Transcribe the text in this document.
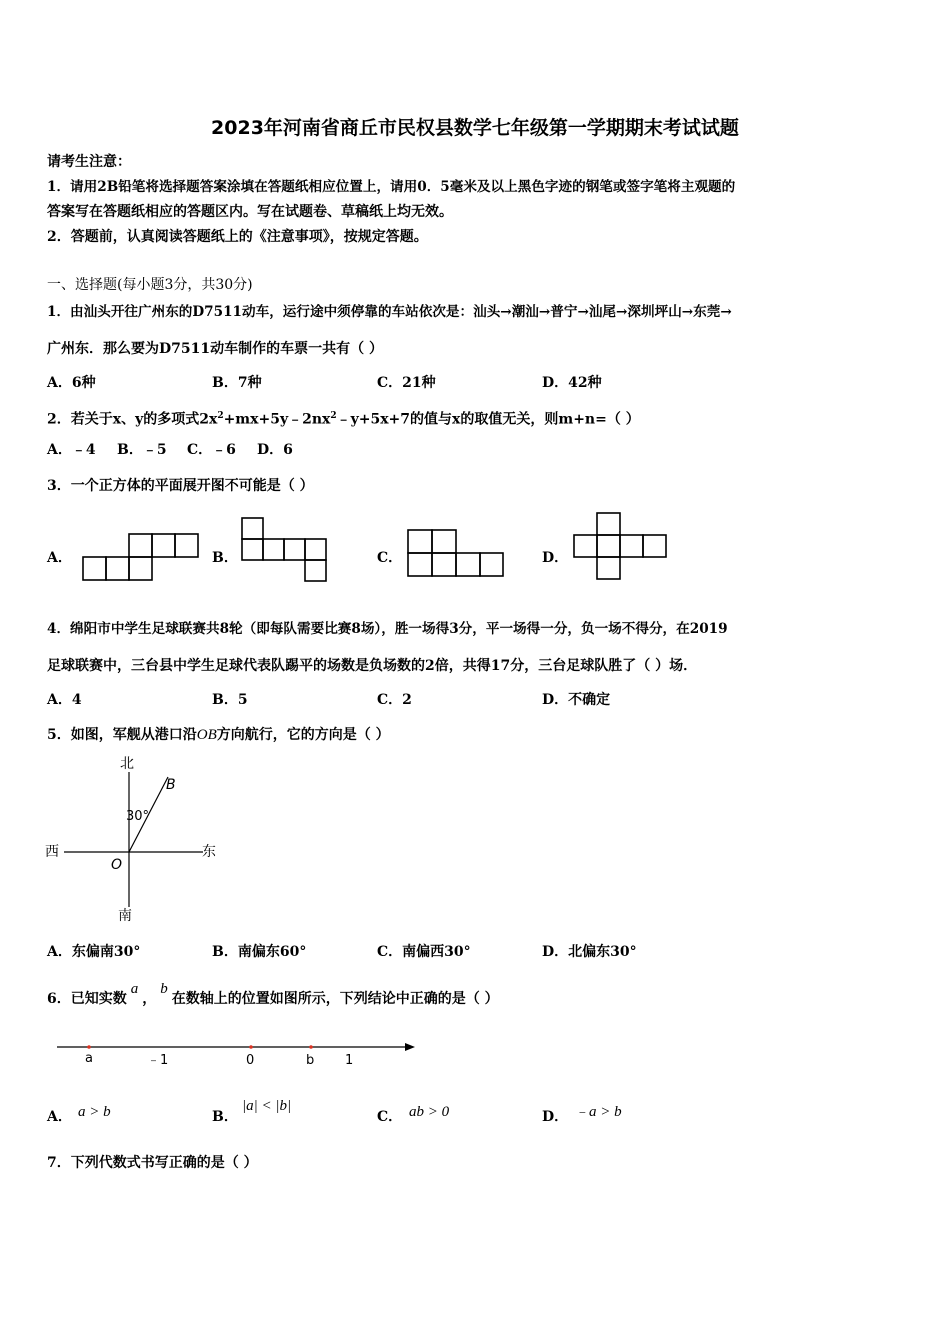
2023年河南省商丘市民权县数学七年级第一学期期末考试试题
请考生注意：
1．请用2B铅笔将选择题答案涂填在答题纸相应位置上，请用0．5毫米及以上黑色字迹的钢笔或签字笔将主观题的
答案写在答题纸相应的答题区内。写在试题卷、草稿纸上均无效。
2．答题前，认真阅读答题纸上的《注意事项》，按规定答题。
一、选择题(每小题3分，共30分)
1．由汕头开往广州东的D7511动车，运行途中须停靠的车站依次是：汕头→潮汕→普宁→汕尾→深圳坪山→东莞→
广州东．那么要为D7511动车制作的车票一共有（ ）
A．6种	B．7种	C．21种	D．42种
2．若关于x、y的多项式$2x^2+mx+5y﹣2nx^2﹣y+5x+7$的值与x的取值无关，则m+n=（ ）
A．﹣4 B．﹣5 C．﹣6 D．6
3．一个正方体的平面展开图不可能是（ ）
A．	B．	C．	D．
4．绵阳市中学生足球联赛共8轮（即每队需要比赛8场），胜一场得3分，平一场得一分，负一场不得分，在2019
足球联赛中，三台县中学生足球代表队踢平的场数是负场数的2倍，共得17分，三台足球队胜了（ ）场．
A．4	B．5	C．2	D．不确定
5．如图，军舰从港口沿OB方向航行，它的方向是（ ）
北
南
西	东
O
B
30°
A．东偏南30°	B．南偏东60°	C．南偏西30°	D．北偏东30°
6．已知实数a，b在数轴上的位置如图所示，下列结论中正确的是（ ）
a	﹣1	0	b 1
A． a > b	B．
|a| < |b|
C． ab > 0	D． ﹣a > b
7．下列代数式书写正确的是（ ）
